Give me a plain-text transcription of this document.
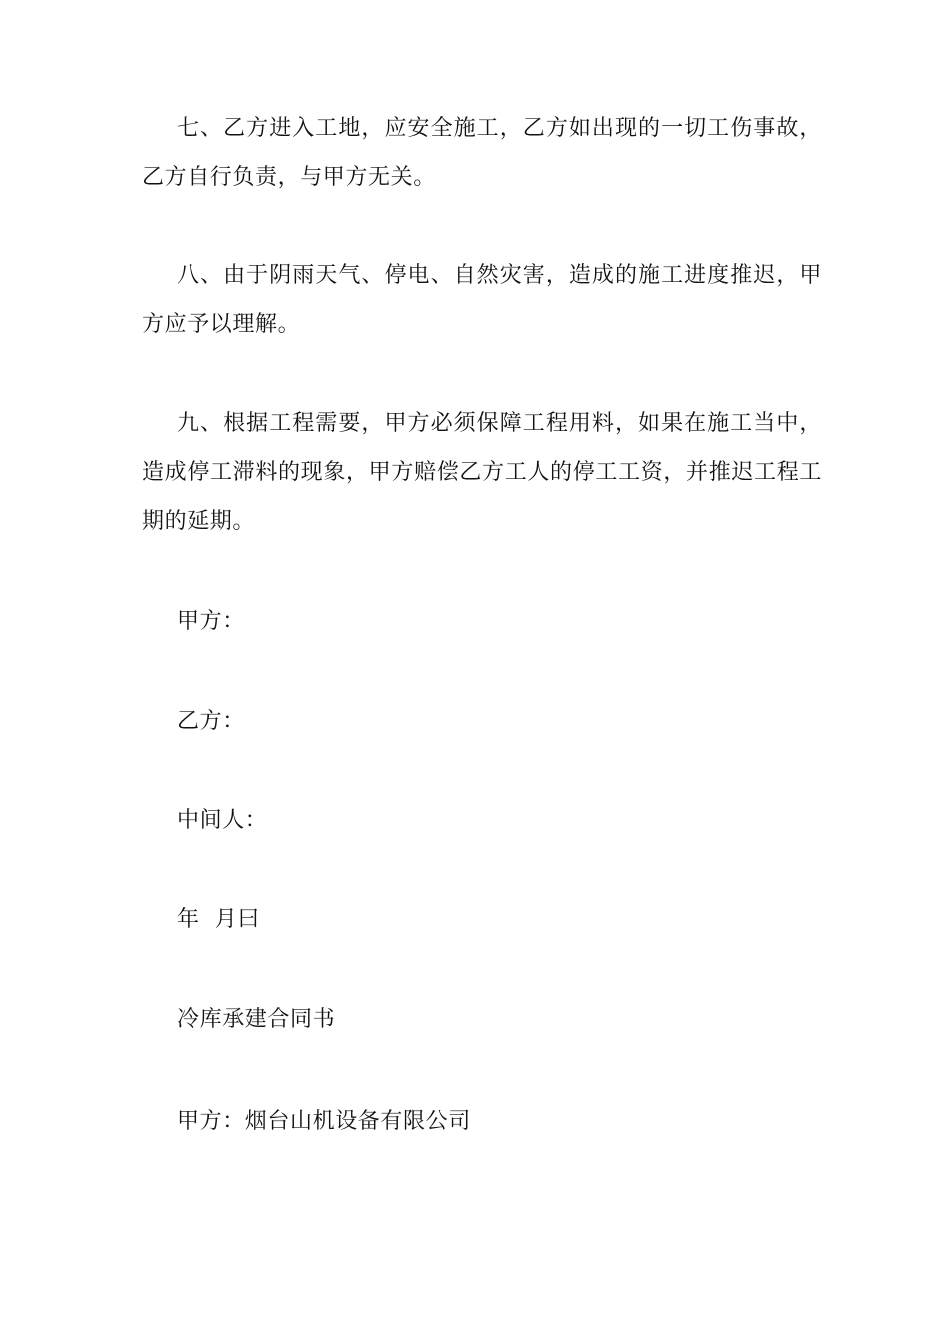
七、乙方进入工地，应安全施工，乙方如出现的一切工伤事故，乙方自行负责，与甲方无关。

八、由于阴雨天气、停电、自然灾害，造成的施工进度推迟，甲方应予以理解。

九、根据工程需要，甲方必须保障工程用料，如果在施工当中，造成停工滞料的现象，甲方赔偿乙方工人的停工工资，并推迟工程工期的延期。

甲方：

乙方：

中间人：

年  月曰

冷库承建合同书

甲方：烟台山机设备有限公司
